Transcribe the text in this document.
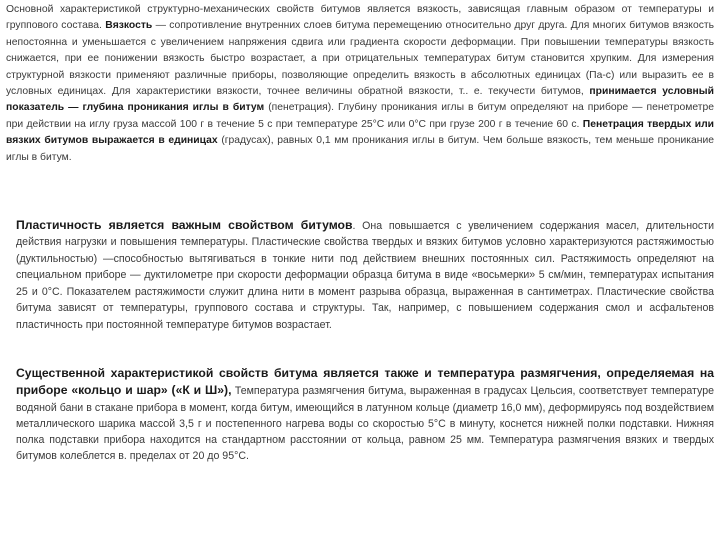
Основной характеристикой структурно-механических свойств битумов является вязкость, зависящая главным образом от температуры и группового состава. Вязкость — сопротивление внутренних слоев битума перемещению относительно друг друга. Для многих битумов вязкость непостоянна и уменьшается с увеличением напряжения сдвига или градиента скорости деформации. При повышении температуры вязкость снижается, при ее понижении вязкость быстро возрастает, а при отрицательных температурах битум становится хрупким. Для измерения структурной вязкости применяют различные приборы, позволяющие определить вязкость в абсолютных единицах (Па-с) или выразить ее в условных единицах. Для характеристики вязкости, точнее величины обратной вязкости, т.. е. текучести битумов, принимается условный показатель — глубина проникания иглы в битум (пенетрация). Глубину проникания иглы в битум определяют на приборе — пенетрометре при действии на иглу груза массой 100 г в течение 5 с при температуре 25°С или 0°С при грузе 200 г в течение 60 с. Пенетрация твердых или вязких битумов выражается в единицах (градусах), равных 0,1 мм проникания иглы в битум. Чем больше вязкость, тем меньше проникание иглы в битум.

Пластичность является важным свойством битумов. Она повышается с увеличением содержания масел, длительности действия нагрузки и повышения температуры. Пластические свойства твердых и вязких битумов условно характеризуются растяжимостью (дуктильностью) —способностью вытягиваться в тонкие нити под действием внешних постоянных сил. Растяжимость определяют на специальном приборе — дуктилометре при скорости деформации образца битума в виде «восьмерки» 5 см/мин, температурах испытания 25 и 0°С. Показателем растяжимости служит длина нити в момент разрыва образца, выраженная в сантиметрах. Пластические свойства битума зависят от температуры, группового состава и структуры. Так, например, с повышением содержания смол и асфальтенов пластичность при постоянной температуре битумов возрастает.

Существенной характеристикой свойств битума является также и температура размягчения, определяемая на приборе «кольцо и шар» («К и Ш»), Температура размягчения битума, выраженная в градусах Цельсия, соответствует температуре водяной бани в стакане прибора в момент, когда битум, имеющийся в латунном кольце (диаметр 16,0 мм), деформируясь под воздействием металлического шарика массой 3,5 г и постепенного нагрева воды со скоростью 5°С в минуту, коснется нижней полки подставки. Нижняя полка подставки прибора находится на стандартном расстоянии от кольца, равном 25 мм. Температура размягчения вязких и твердых битумов колеблется в. пределах от 20 до 95°С.
